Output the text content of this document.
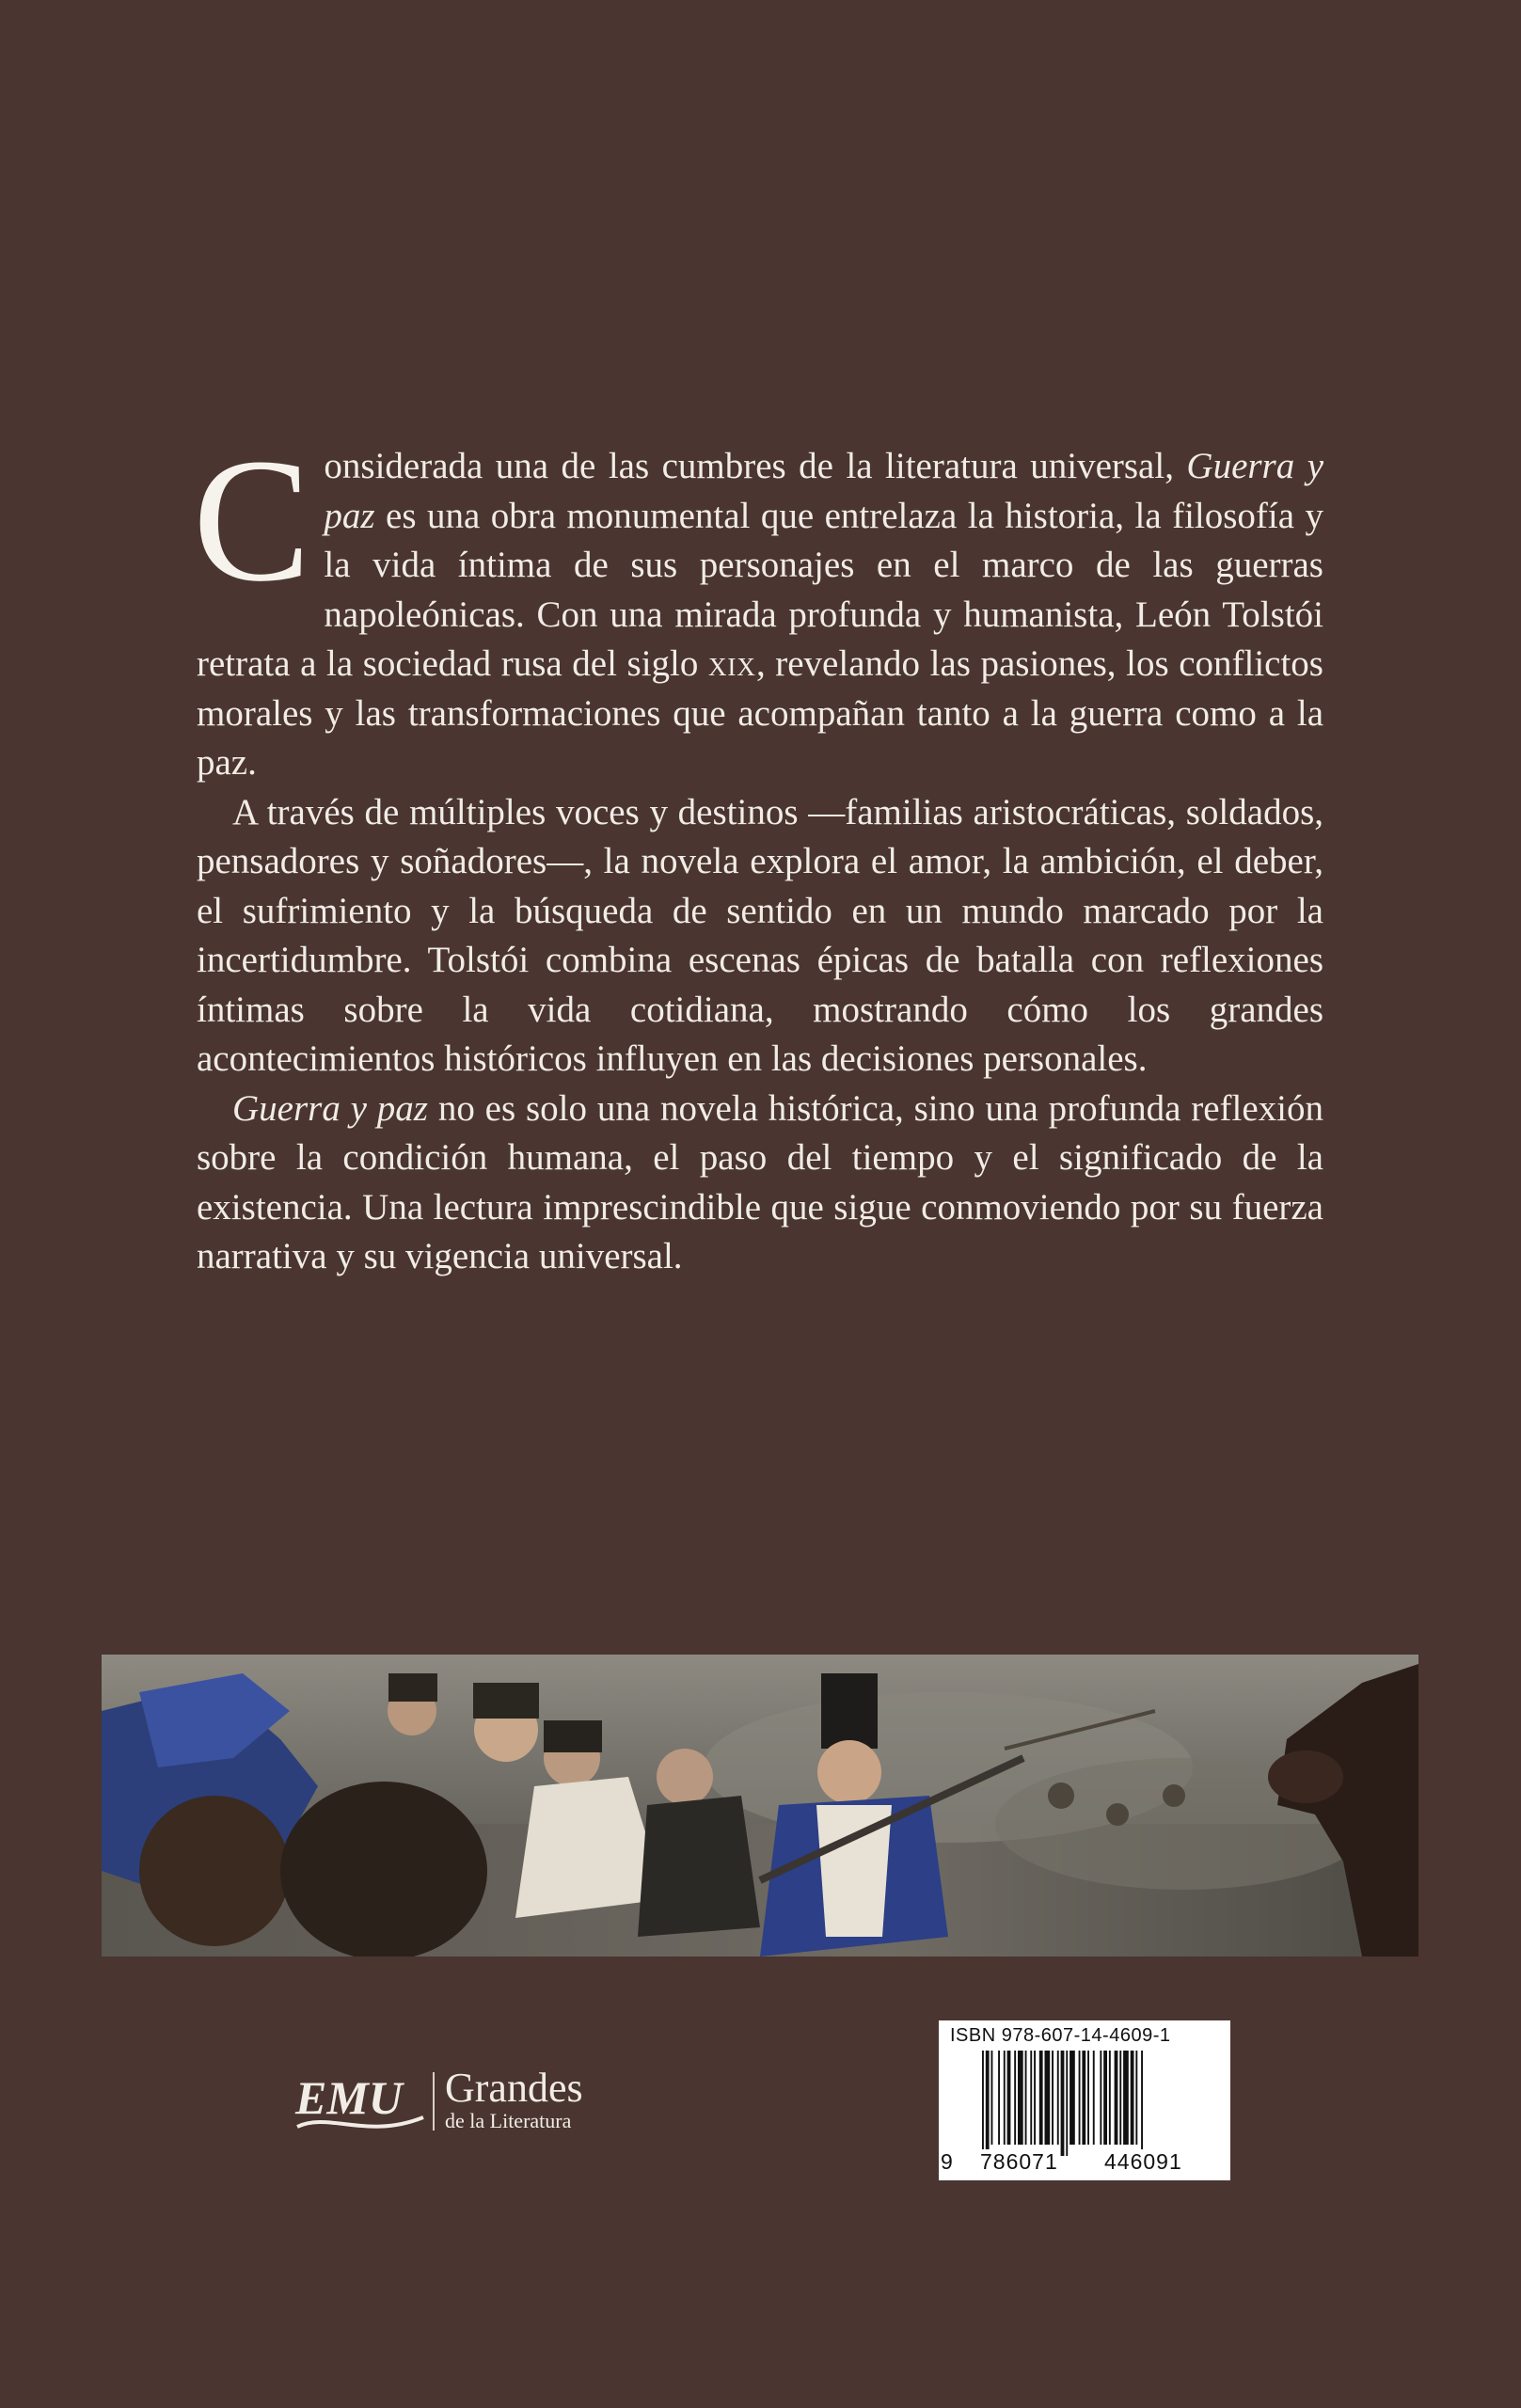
Considerada una de las cumbres de la literatura universal, Guerra y paz es una obra monumental que entrelaza la historia, la filosofía y la vida íntima de sus personajes en el marco de las guerras napoleónicas. Con una mirada profunda y humanista, León Tolstói retrata a la sociedad rusa del siglo xix, revelando las pasiones, los conflictos morales y las transformaciones que acompañan tanto a la guerra como a la paz.

A través de múltiples voces y destinos —familias aristocráticas, soldados, pensadores y soñadores—, la novela explora el amor, la ambición, el deber, el sufrimiento y la búsqueda de sentido en un mundo marcado por la incertidumbre. Tolstói combina escenas épicas de batalla con reflexiones íntimas sobre la vida cotidiana, mostrando cómo los grandes acontecimientos históricos influyen en las decisiones personales.

Guerra y paz no es solo una novela histórica, sino una profunda reflexión sobre la condición humana, el paso del tiempo y el significado de la existencia. Una lectura imprescindible que sigue conmoviendo por su fuerza narrativa y su vigencia universal.

EMU Grandes
de la Literatura
ISBN 978-607-14-4609-1
9 786071 446091
